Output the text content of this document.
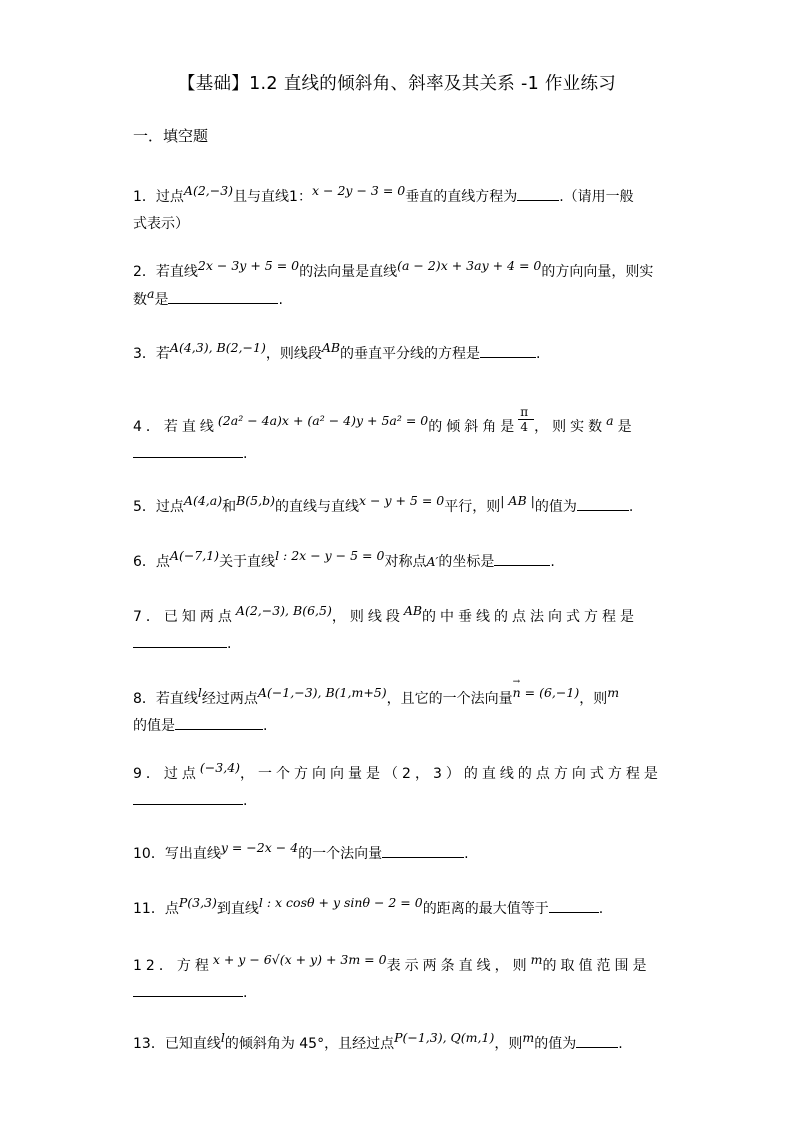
【基础】1.2 直线的倾斜角、斜率及其关系 -1 作业练习
一．填空题
1．过点A(2,−3)且与直线1：x − 2y − 3 = 0垂直的直线方程为	.（请用一般
式表示）
2．若直线2x − 3y + 5 = 0的法向量是直线(a − 2)x + 3ay + 4 = 0的方向向量，则实
数a是	.
3．若A(4,3), B(2,−1)，则线段AB的垂直平分线的方程是	.
4．若直线(2a² − 4a)x + (a² − 4)y + 5a² = 0的倾斜角是 $\frac{\pi}{4}$ ，则实数a是
.
5．过点A(4,a)和B(5,b)的直线与直线x − y + 5 = 0平行，则| AB |的值为	.
6．点A(−7,1)关于直线l : 2x − y − 5 = 0对称点A′的坐标是	.
7．已知两点A(2,−3), B(6,5)，则线段AB的中垂线的点法向式方程是
.
8．若直线l经过两点A(−1,−3), B(1,m+5)，且它的一个法向量→ n = (6,−1)，则m
的值是	.
9．过点(−3,4)，一个方向向量是（2，3）的直线的点方向式方程是
.
10．写出直线y = −2x − 4的一个法向量	.
11．点P(3,3)到直线l : x cosθ + y sinθ − 2 = 0的距离的最大值等于	.
12．方程x + y − 6√(x + y) + 3m = 0表示两条直线，则m的取值范围是
.
13．已知直线l的倾斜角为 45°，且经过点P(−1,3), Q(m,1)，则m的值为	.
